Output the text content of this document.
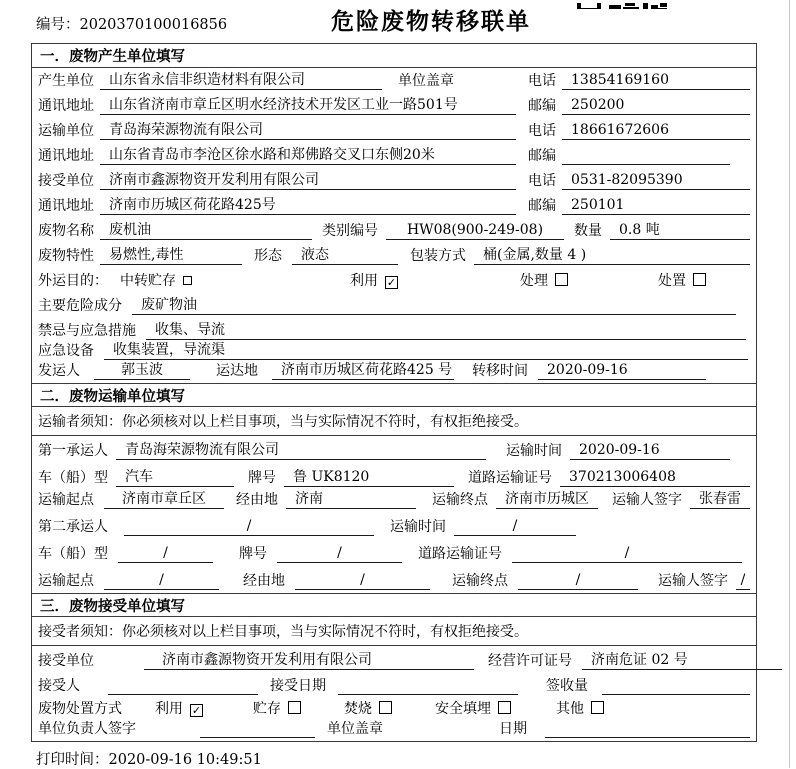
编号：2020370100016856	危险废物转移联单
一．废物产生单位填写
产生单位	山东省永信非织造材料有限公司	单位盖章	电话	13854169160
通讯地址	山东省济南市章丘区明水经济技术开发区工业一路501号	邮编	250200
运输单位	青岛海荣源物流有限公司	电话	18661672606
通讯地址	山东省青岛市李沧区徐水路和郑佛路交叉口东侧20米	邮编
接受单位	济南市鑫源物资开发利用有限公司	电话	0531-82095390
通讯地址	济南市历城区荷花路425号	邮编	250101
废物名称	废机油	类别编号	HW08(900-249-08)	数量	0.8 吨
废物特性	易燃性,毒性	形态	液态	包装方式	桶(金属,数量 4 )
外运目的： 中转贮存	利用 ✓	处理	处置
主要危险成分	废矿物油
禁忌与应急措施	收集、导流
应急设备	收集装置，导流渠
发运人	郭玉波	运达地	济南市历城区荷花路425 号 转移时间	2020-09-16
二．废物运输单位填写
运输者须知：你必须核对以上栏目事项，当与实际情况不符时，有权拒绝接受。
第一承运人	青岛海荣源物流有限公司	运输时间	2020-09-16
车（船）型	汽车	牌号	鲁 UK8120	道路运输证号	370213006408
运输起点	济南市章丘区	经由地	济南	运输终点	济南市历城区	运输人签字	张春雷
第二承运人	/	运输时间	/
车（船）型	/	牌号	/	道路运输证号	/
运输起点	/	经由地	/	运输终点	/	运输人签字 /
三．废物接受单位填写
接受者须知：你必须核对以上栏目事项，当与实际情况不符时，有权拒绝接受。
接受单位	济南市鑫源物资开发利用有限公司	经营许可证号	济南危证 02 号
接受人	接受日期	签收量
废物处置方式 利用 ✓	贮存	焚烧	安全填埋	其他
单位负责人签字	单位盖章	日期
打印时间：2020-09-16 10:49:51
